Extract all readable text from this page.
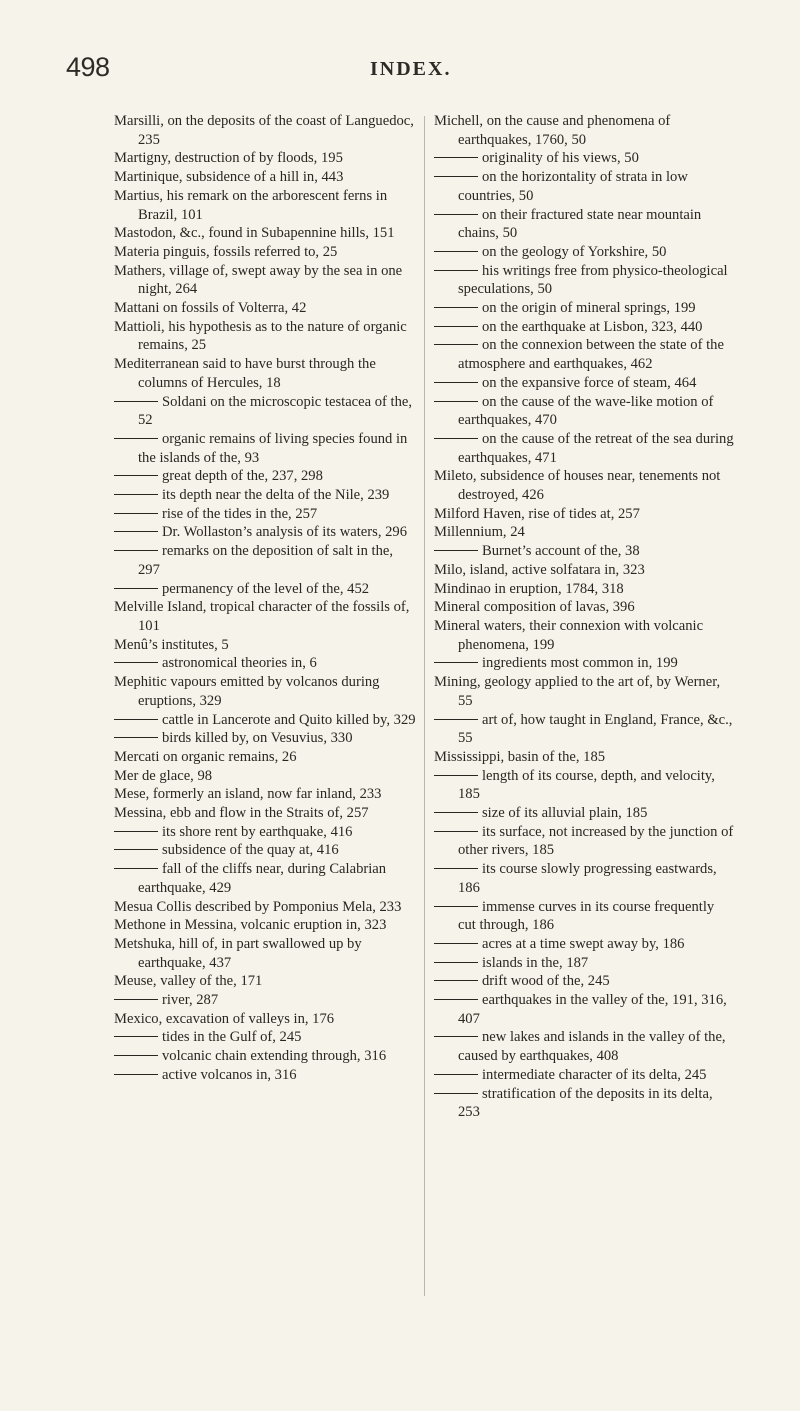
498	INDEX.

Marsilli, on the deposits of the coast of Languedoc, 235

Martigny, destruction of by floods, 195

Martinique, subsidence of a hill in, 443

Martius, his remark on the arborescent ferns in Brazil, 101

Mastodon, &c., found in Subapennine hills, 151

Materia pinguis, fossils referred to, 25

Mathers, village of, swept away by the sea in one night, 264

Mattani on fossils of Volterra, 42

Mattioli, his hypothesis as to the nature of organic remains, 25

Mediterranean said to have burst through the columns of Hercules, 18

Soldani on the microscopic testacea of the, 52

organic remains of living species found in the islands of the, 93

great depth of the, 237, 298

its depth near the delta of the Nile, 239

rise of the tides in the, 257

Dr. Wollaston’s analysis of its waters, 296

remarks on the deposition of salt in the, 297

permanency of the level of the, 452

Melville Island, tropical character of the fossils of, 101

Menû’s institutes, 5

astronomical theories in, 6

Mephitic vapours emitted by volcanos during eruptions, 329

cattle in Lancerote and Quito killed by, 329

birds killed by, on Vesuvius, 330

Mercati on organic remains, 26

Mer de glace, 98

Mese, formerly an island, now far inland, 233

Messina, ebb and flow in the Straits of, 257

its shore rent by earthquake, 416

subsidence of the quay at, 416

fall of the cliffs near, during Calabrian earthquake, 429

Mesua Collis described by Pomponius Mela, 233

Methone in Messina, volcanic eruption in, 323

Metshuka, hill of, in part swallowed up by earthquake, 437

Meuse, valley of the, 171

river, 287

Mexico, excavation of valleys in, 176

tides in the Gulf of, 245

volcanic chain extending through, 316

active volcanos in, 316

Michell, on the cause and phenomena of earthquakes, 1760, 50

originality of his views, 50

on the horizontality of strata in low countries, 50

on their fractured state near mountain chains, 50

on the geology of Yorkshire, 50

his writings free from physico-theological speculations, 50

on the origin of mineral springs, 199

on the earthquake at Lisbon, 323, 440

on the connexion between the state of the atmosphere and earthquakes, 462

on the expansive force of steam, 464

on the cause of the wave-like motion of earthquakes, 470

on the cause of the retreat of the sea during earthquakes, 471

Mileto, subsidence of houses near, tenements not destroyed, 426

Milford Haven, rise of tides at, 257

Millennium, 24

Burnet’s account of the, 38

Milo, island, active solfatara in, 323

Mindinao in eruption, 1784, 318

Mineral composition of lavas, 396

Mineral waters, their connexion with volcanic phenomena, 199

ingredients most common in, 199

Mining, geology applied to the art of, by Werner, 55

art of, how taught in England, France, &c., 55

Mississippi, basin of the, 185

length of its course, depth, and velocity, 185

size of its alluvial plain, 185

its surface, not increased by the junction of other rivers, 185

its course slowly progressing eastwards, 186

immense curves in its course frequently cut through, 186

acres at a time swept away by, 186

islands in the, 187

drift wood of the, 245

earthquakes in the valley of the, 191, 316, 407

new lakes and islands in the valley of the, caused by earthquakes, 408

intermediate character of its delta, 245

stratification of the deposits in its delta, 253
